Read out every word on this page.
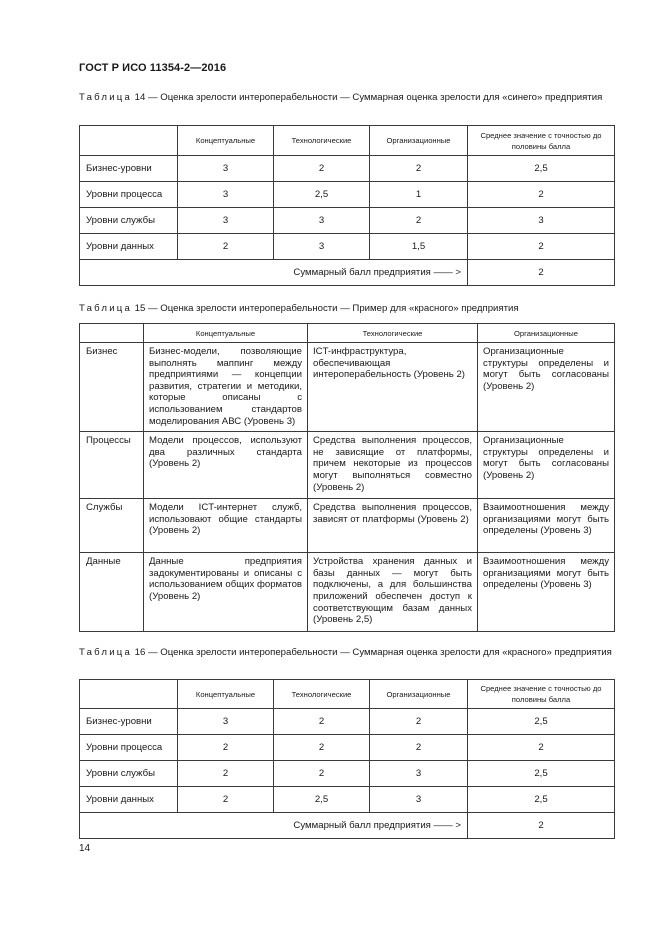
ГОСТ Р ИСО 11354-2—2016
Таблица 14 — Оценка зрелости интероперабельности — Суммарная оценка зрелости для «синего» предприятия
	Концептуальные	Технологические	Организационные	Среднее значение с точностью до половины балла
Бизнес-уровни	3	2	2	2,5
Уровни процесса	3	2,5	1	2
Уровни службы	3	3	2	3
Уровни данных	2	3	1,5	2
Суммарный балл предприятия —— >				2
Таблица 15 — Оценка зрелости интероперабельности — Пример для «красного» предприятия
	Концептуальные	Технологические	Организационные
Бизнес	Бизнес-модели, позволяющие выполнять маппинг между предприятиями — концепции развития, стратегии и методики, которые описаны с использованием стандартов моделирования АВС (Уровень 3)	ICT-инфраструктура, обеспечивающая интероперабельность (Уровень 2)	Организационные структуры определены и могут быть согласованы (Уровень 2)
Процессы	Модели процессов, используют два различных стандарта (Уровень 2)	Средства выполнения процессов, не зависящие от платформы, причем некоторые из процессов могут выполняться совместно (Уровень 2)	Организационные структуры определены и могут быть согласованы (Уровень 2)
Службы	Модели ICT-интернет служб, использовают общие стандарты (Уровень 2)	Средства выполнения процессов, зависят от платформы (Уровень 2)	Взаимоотношения между организациями могут быть определены (Уровень 3)
Данные	Данные предприятия задокументированы и описаны с использованием общих форматов (Уровень 2)	Устройства хранения данных и базы данных — могут быть подключены, а для большинства приложений обеспечен доступ к соответствующим базам данных (Уровень 2,5)	Взаимоотношения между организациями могут быть определены (Уровень 3)
Таблица 16 — Оценка зрелости интероперабельности — Суммарная оценка зрелости для «красного» предприятия
	Концептуальные	Технологические	Организационные	Среднее значение с точностью до половины балла
Бизнес-уровни	3	2	2	2,5
Уровни процесса	2	2	2	2
Уровни службы	2	2	3	2,5
Уровни данных	2	2,5	3	2,5
Суммарный балл предприятия —— >				2
14
